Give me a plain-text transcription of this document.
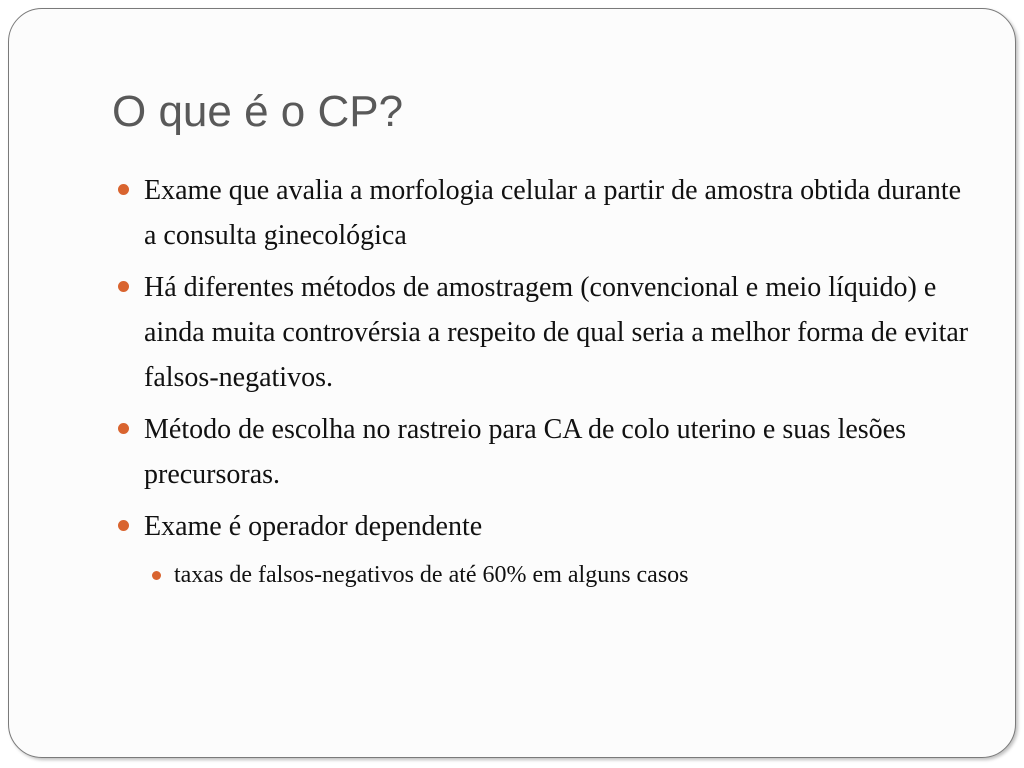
O que é o CP?
Exame que avalia a morfologia celular a partir de amostra obtida durante a consulta ginecológica
Há diferentes métodos de amostragem (convencional e meio líquido) e ainda muita controvérsia a respeito de qual seria a melhor forma de evitar falsos-negativos.
Método de escolha no rastreio para CA de colo uterino e suas lesões precursoras.
Exame é operador dependente
taxas de falsos-negativos de até 60% em alguns casos
